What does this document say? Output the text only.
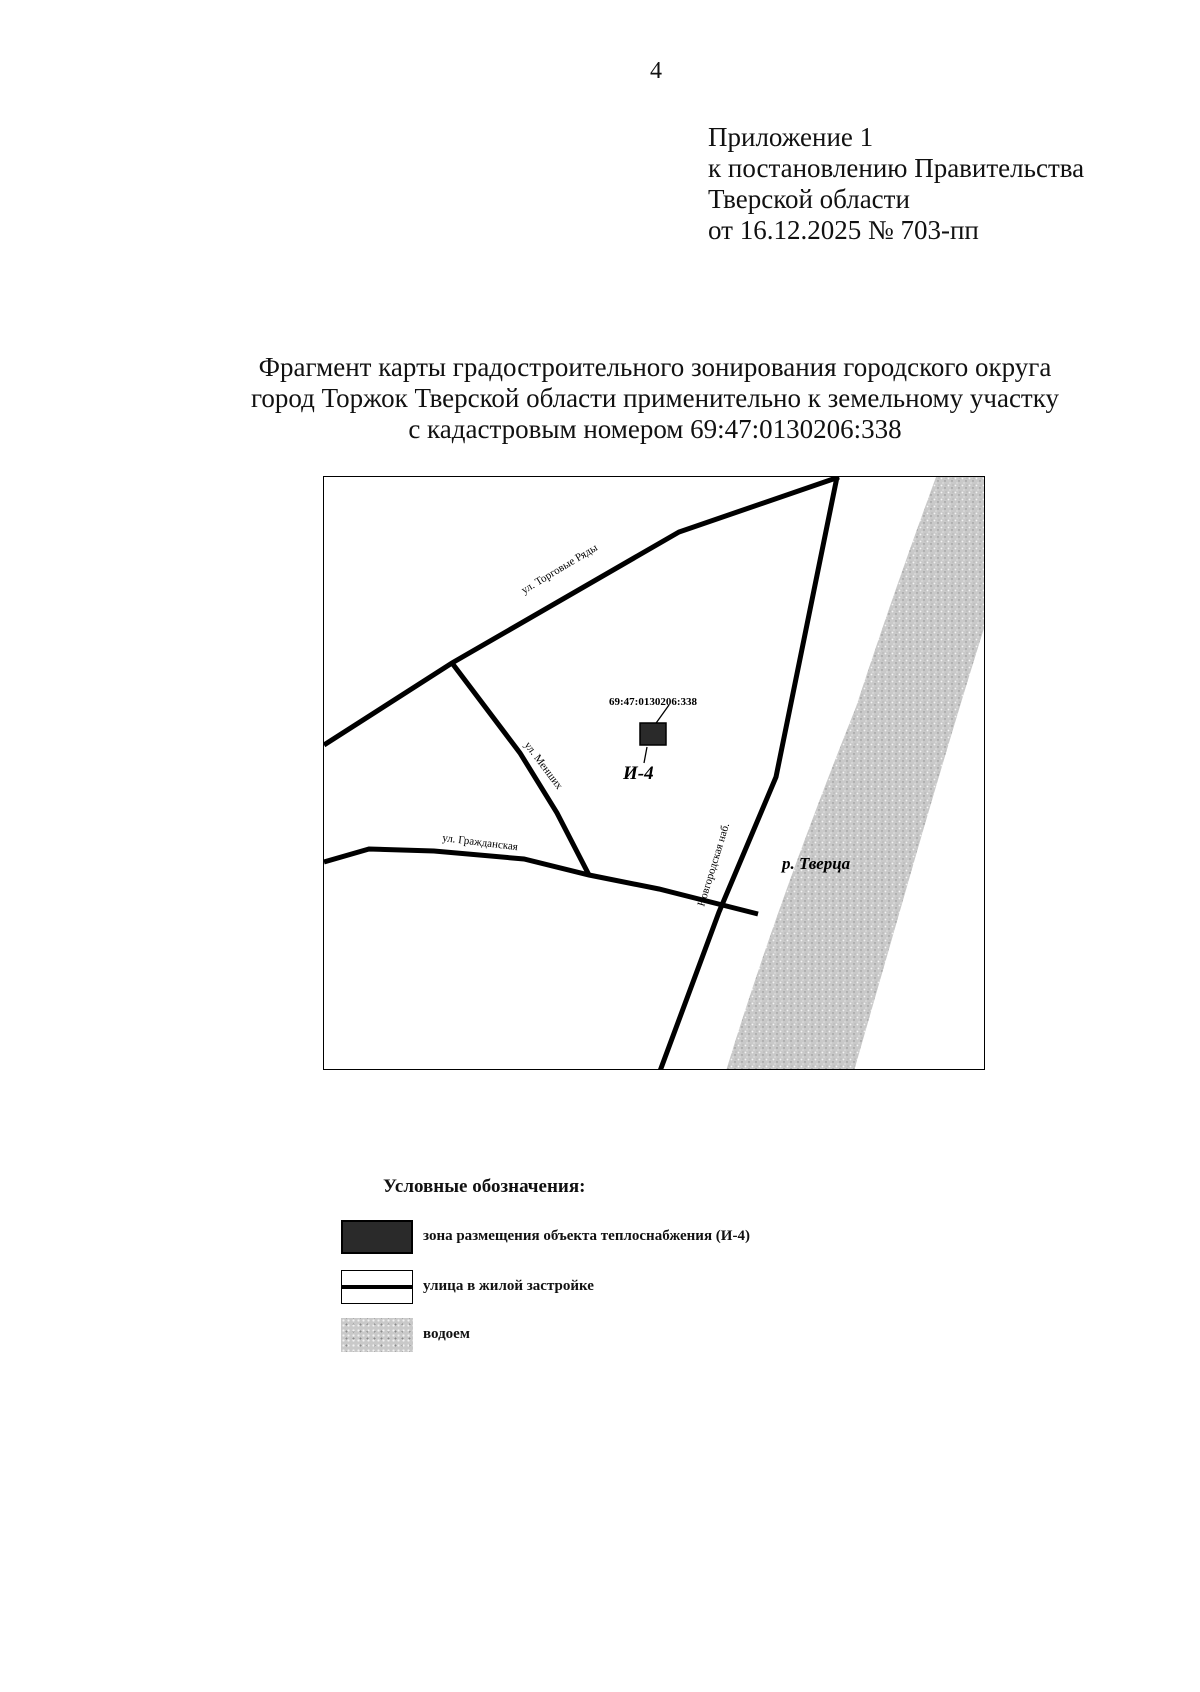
4
Приложение 1
к постановлению Правительства
Тверской области
от 16.12.2025 № 703-пп
Фрагмент карты градостроительного зонирования городского округа
город Торжок Тверской области применительно к земельному участку
с кадастровым номером 69:47:0130206:338
69:47:0130206:338
И-4
ул. Торговые Ряды
ул. Менших
ул. Гражданская	Новгородская наб.	р. Тверца
Условные обозначения:
зона размещения объекта теплоснабжения (И-4)
улица в жилой застройке
водоем
